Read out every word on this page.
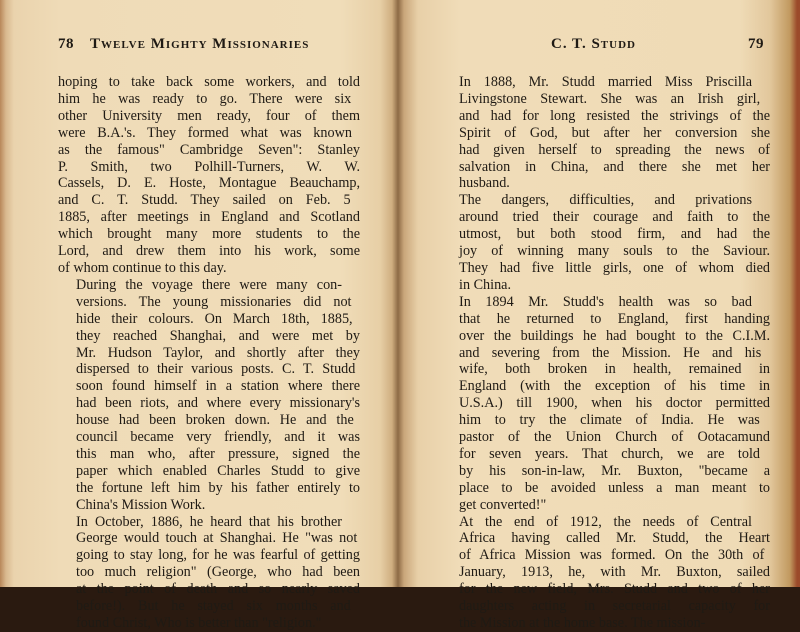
78 Twelve Mighty Missionaries

hoping to take back some workers, and told
him he was ready to go. There were six
other University men ready, four of them
were B.A.'s. They formed what was known
as the famous" Cambridge Seven": Stanley
P. Smith, two Polhill-Turners, W. W.
Cassels, D. E. Hoste, Montague Beauchamp,
and C. T. Studd. They sailed on Feb. 5
1885, after meetings in England and Scotland
which brought many more students to the
Lord, and drew them into his work, some
of whom continue to this day.

During the voyage there were many con-
versions. The young missionaries did not
hide their colours. On March 18th, 1885,
they reached Shanghai, and were met by
Mr. Hudson Taylor, and shortly after they
dispersed to their various posts. C. T. Studd
soon found himself in a station where there
had been riots, and where every missionary's
house had been broken down. He and the
council became very friendly, and it was
this man who, after pressure, signed the
paper which enabled Charles Studd to give
the fortune left him by his father entirely to
China's Mission Work.

In October, 1886, he heard that his brother
George would touch at Shanghai. He "was not
going to stay long, for he was fearful of getting
too much religion" (George, who had been
at the point of death and so nearly saved
before!). But he stayed six months and
found Christ, Who is better than "religion."

C. T. Studd	79

In 1888, Mr. Studd married Miss Priscilla
Livingstone Stewart. She was an Irish girl,
and had for long resisted the strivings of the
Spirit of God, but after her conversion she
had given herself to spreading the news of
salvation in China, and there she met her
husband.

The dangers, difficulties, and privations
around tried their courage and faith to the
utmost, but both stood firm, and had the
joy of winning many souls to the Saviour.
They had five little girls, one of whom died
in China.

In 1894 Mr. Studd's health was so bad
that he returned to England, first handing
over the buildings he had bought to the C.I.M.
and severing from the Mission. He and his
wife, both broken in health, remained in
England (with the exception of his time in
U.S.A.) till 1900, when his doctor permitted
him to try the climate of India. He was
pastor of the Union Church of Ootacamund
for seven years. That church, we are told
by his son-in-law, Mr. Buxton, "became a
place to be avoided unless a man meant to
get converted!"

At the end of 1912, the needs of Central
Africa having called Mr. Studd, the Heart
of Africa Mission was formed. On the 30th of
January, 1913, he, with Mr. Buxton, sailed
for the new field, Mrs. Studd and two of her
daughters acting in secretarial capacity for
the Mission at the home base. The mission-
